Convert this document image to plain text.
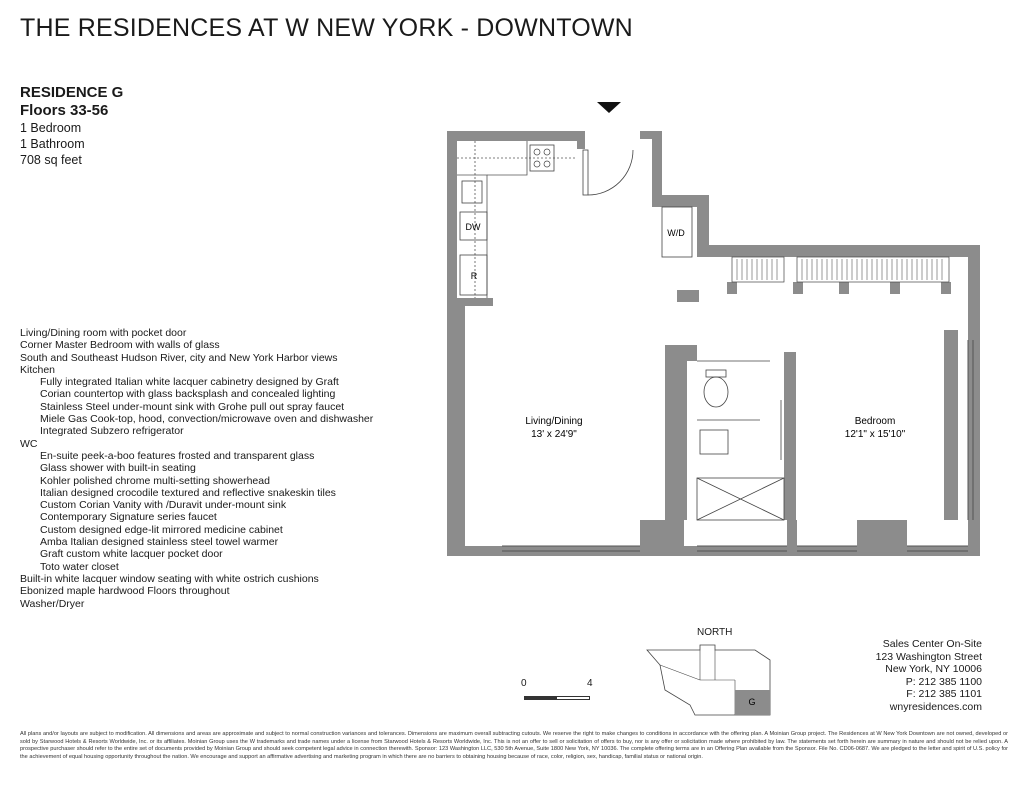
THE RESIDENCES AT W NEW YORK - DOWNTOWN
RESIDENCE G
Floors 33-56
1 Bedroom
1 Bathroom
708 sq feet
Living/Dining room with pocket door
Corner Master Bedroom with walls of glass
South and Southeast Hudson River, city and New York Harbor views
Kitchen
Fully integrated Italian white lacquer cabinetry designed by Graft
Corian countertop with glass backsplash and concealed lighting
Stainless Steel under-mount sink with Grohe pull out spray faucet
Miele Gas Cook-top, hood, convection/microwave oven and dishwasher
Integrated Subzero refrigerator
WC
En-suite peek-a-boo features frosted and transparent glass
Glass shower with built-in seating
Kohler polished chrome multi-setting showerhead
Italian designed crocodile textured and reflective snakeskin tiles
Custom Corian Vanity with /Duravit under-mount sink
Contemporary Signature series faucet
Custom designed edge-lit mirrored medicine cabinet
Amba Italian designed stainless steel towel warmer
Graft custom white lacquer pocket door
Toto water closet
Built-in white lacquer window seating with white ostrich cushions
Ebonized maple hardwood Floors throughout
Washer/Dryer
DW
R
W/D
Living/Dining
13' x 24'9"
Bedroom
12'1" x 15'10"
NORTH
G
0	4
Sales Center On-Site
123 Washington Street
New York, NY 10006
P: 212 385 1100
F: 212 385 1101
wnyresidences.com
All plans and/or layouts are subject to modification. All dimensions and areas are approximate and subject to normal construction variances and tolerances. Dimensions are maximum overall subtracting cutouts. We reserve the right to make changes to conditions in accordance with the offering plan. A Moinian Group project. The Residences at W New York Downtown are not owned, developed or sold by Starwood Hotels & Resorts Worldwide, Inc. or its affiliates. Moinian Group uses the W trademarks and trade names under a license from Starwood Hotels & Resorts Worldwide, Inc. This is not an offer to sell or solicitation of offers to buy, nor is any offer or solicitation made where prohibited by law. The statements set forth herein are summary in nature and should not be relied upon. A prospective purchaser should refer to the entire set of documents provided by Moinian Group and should seek competent legal advice in connection therewith. Sponsor: 123 Washington LLC, 530 5th Avenue, Suite 1800 New York, NY 10036. The complete offering terms are in an Offering Plan available from the Sponsor. File No. CD06-0687. We are pledged to the letter and spirit of U.S. policy for the achievement of equal housing opportunity throughout the nation. We encourage and support an affirmative advertising and marketing program in which there are no barriers to obtaining housing because of race, color, religion, sex, handicap, familial status or national origin.
